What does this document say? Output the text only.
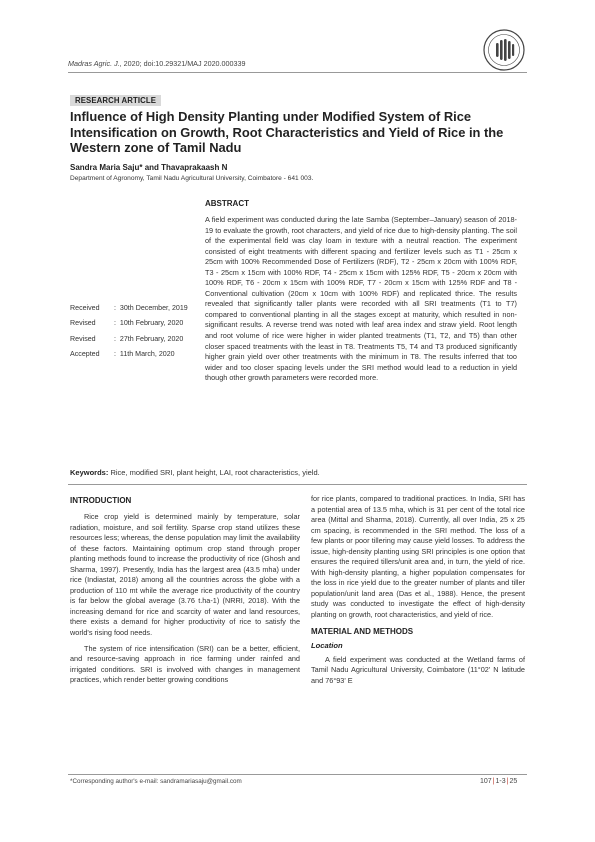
Madras Agric. J., 2020; doi:10.29321/MAJ 2020.000339
RESEARCH ARTICLE
Influence of High Density Planting under Modified System of Rice Intensification on Growth, Root Characteristics and Yield of Rice in the Western zone of Tamil Nadu
Sandra Maria Saju* and Thavaprakaash N
Department of Agronomy, Tamil Nadu Agricultural University, Coimbatore - 641 003.
ABSTRACT
A field experiment was conducted during the late Samba (September–January) season of 2018-19 to evaluate the growth, root characters, and yield of rice due to high-density planting. The soil of the experimental field was clay loam in texture with a neutral reaction. The experiment consisted of eight treatments with different spacing and fertilizer levels such as T1 - 25cm x 25cm with 100% Recommended Dose of Fertilizers (RDF), T2 - 25cm x 20cm with 100% RDF, T3 - 25cm x 15cm with 100% RDF, T4 - 25cm x 15cm with 125% RDF, T5 - 20cm x 20cm with 100% RDF, T6 - 20cm x 15cm with 100% RDF, T7 - 20cm x 15cm with 125% RDF and T8 - Conventional cultivation (20cm x 10cm with 100% RDF) and replicated thrice. The results revealed that significantly taller plants were recorded with all SRI treatments (T1 to T7) compared to conventional planting in all the stages except at maturity, which resulted in non-significant results. A reverse trend was noted with leaf area index and straw yield. Root length and root volume of rice were higher in wider planted treatments (T1, T2, and T5) than other closer spaced treatments with the least in T8. Treatments T5, T4 and T3 produced significantly higher grain yield over other treatments with the minimum in T8. The results inferred that too wider and too closer spacing levels under the SRI method would lead to a reduction in yield though other growth parameters were recorded more.
Received :  30th December, 2019
Revised	:  10th February, 2020
Revised	:  27th February, 2020
Accepted :  11th March, 2020
Keywords: Rice, modified SRI, plant height, LAI, root characteristics, yield.
INTRODUCTION

Rice crop yield is determined mainly by temperature, solar radiation, moisture, and soil fertility. Sparse crop stand utilizes these resources less; whereas, the dense population may limit the availability of these factors. Maintaining optimum crop stand through proper planting methods found to increase the productivity of rice (Ghosh and Sharma, 1997). Presently, India has the largest area (43.5 mha) under rice (Indiastat, 2018) among all the countries across the globe with a production of 110 mt while the average rice productivity of the country is far below the global average (3.76 t.ha-1) (NRRI, 2018). With the increasing demand for rice and scarcity of water and land resources, there exists a demand for higher productivity of rice to satisfy the world's rising food needs.

The system of rice intensification (SRI) can be a better, efficient, and resource-saving approach in rice farming under rainfed and irrigated conditions. SRI is involved with changes in management practices, which render better growing conditions

for rice plants, compared to traditional practices. In India, SRI has a potential area of 13.5 mha, which is 31 per cent of the total rice area (Mittal and Sharma, 2018). Currently, all over India, 25 x 25 cm spacing, is recommended in the SRI method. The loss of a few plants or poor tillering may cause yield losses. To address the issue, high-density planting using SRI principles is one option that ensures the required tillers/unit area and, in turn, the yield of rice. With high-density planting, a higher population compensates for the loss in rice yield due to the greater number of plants and tiller population/unit land area (Das et al., 1988). Hence, the present study was conducted to investigate the effect of high-density planting on growth, root characteristics, and yield of rice.

MATERIAL AND METHODS
Location

A field experiment was conducted at the Wetland farms of Tamil Nadu Agricultural University, Coimbatore (11°02' N latitude and 76°93' E

*Corresponding author's e-mail: sandramariasaju@gmail.com	107|1-3|25
